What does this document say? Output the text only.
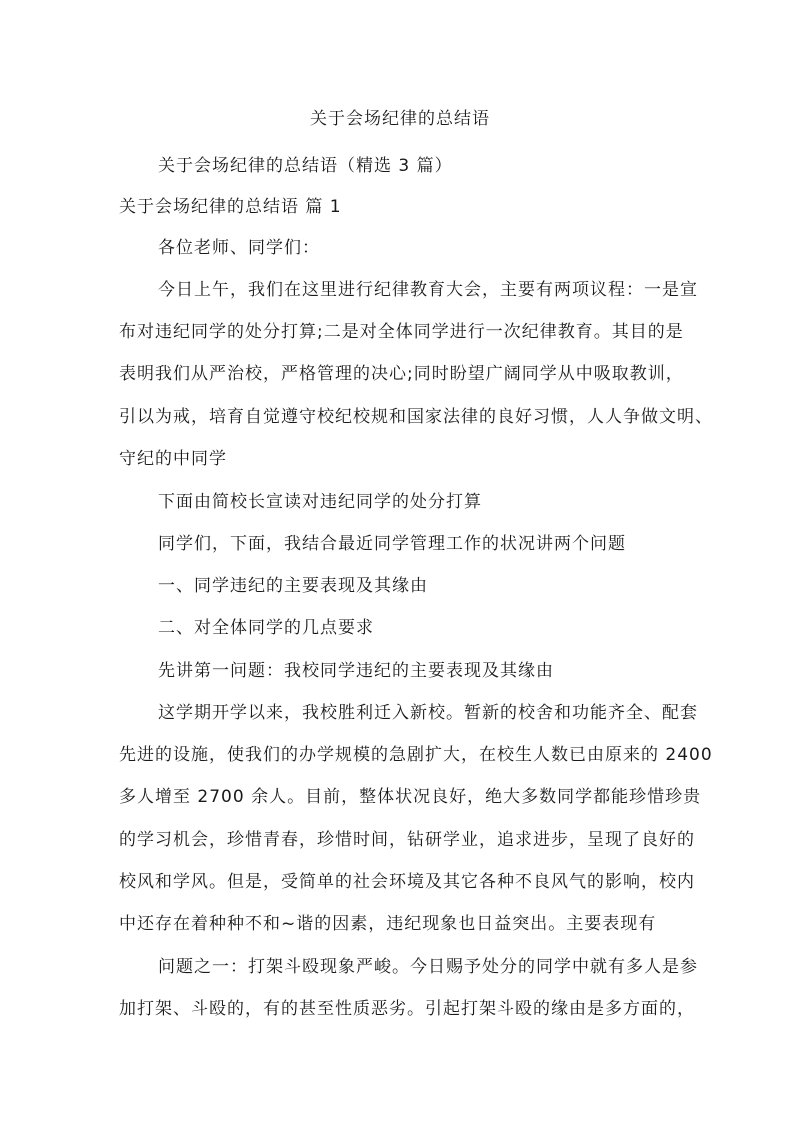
关于会场纪律的总结语
关于会场纪律的总结语（精选 3 篇）
关于会场纪律的总结语 篇 1
各位老师、同学们：
今日上午，我们在这里进行纪律教育大会，主要有两项议程：一是宣
布对违纪同学的处分打算;二是对全体同学进行一次纪律教育。其目的是
表明我们从严治校，严格管理的决心;同时盼望广阔同学从中吸取教训，
引以为戒，培育自觉遵守校纪校规和国家法律的良好习惯，人人争做文明、
守纪的中同学
下面由简校长宣读对违纪同学的处分打算
同学们，下面，我结合最近同学管理工作的状况讲两个问题
一、同学违纪的主要表现及其缘由
二、对全体同学的几点要求
先讲第一问题：我校同学违纪的主要表现及其缘由
这学期开学以来，我校胜利迁入新校。暂新的校舍和功能齐全、配套
先进的设施，使我们的办学规模的急剧扩大，在校生人数已由原来的 2400
多人增至 2700 余人。目前，整体状况良好，绝大多数同学都能珍惜珍贵
的学习机会，珍惜青春，珍惜时间，钻研学业，追求进步，呈现了良好的
校风和学风。但是，受简单的社会环境及其它各种不良风气的影响，校内
中还存在着种种不和~谐的因素，违纪现象也日益突出。主要表现有
问题之一：打架斗殴现象严峻。今日赐予处分的同学中就有多人是参
加打架、斗殴的，有的甚至性质恶劣。引起打架斗殴的缘由是多方面的，
